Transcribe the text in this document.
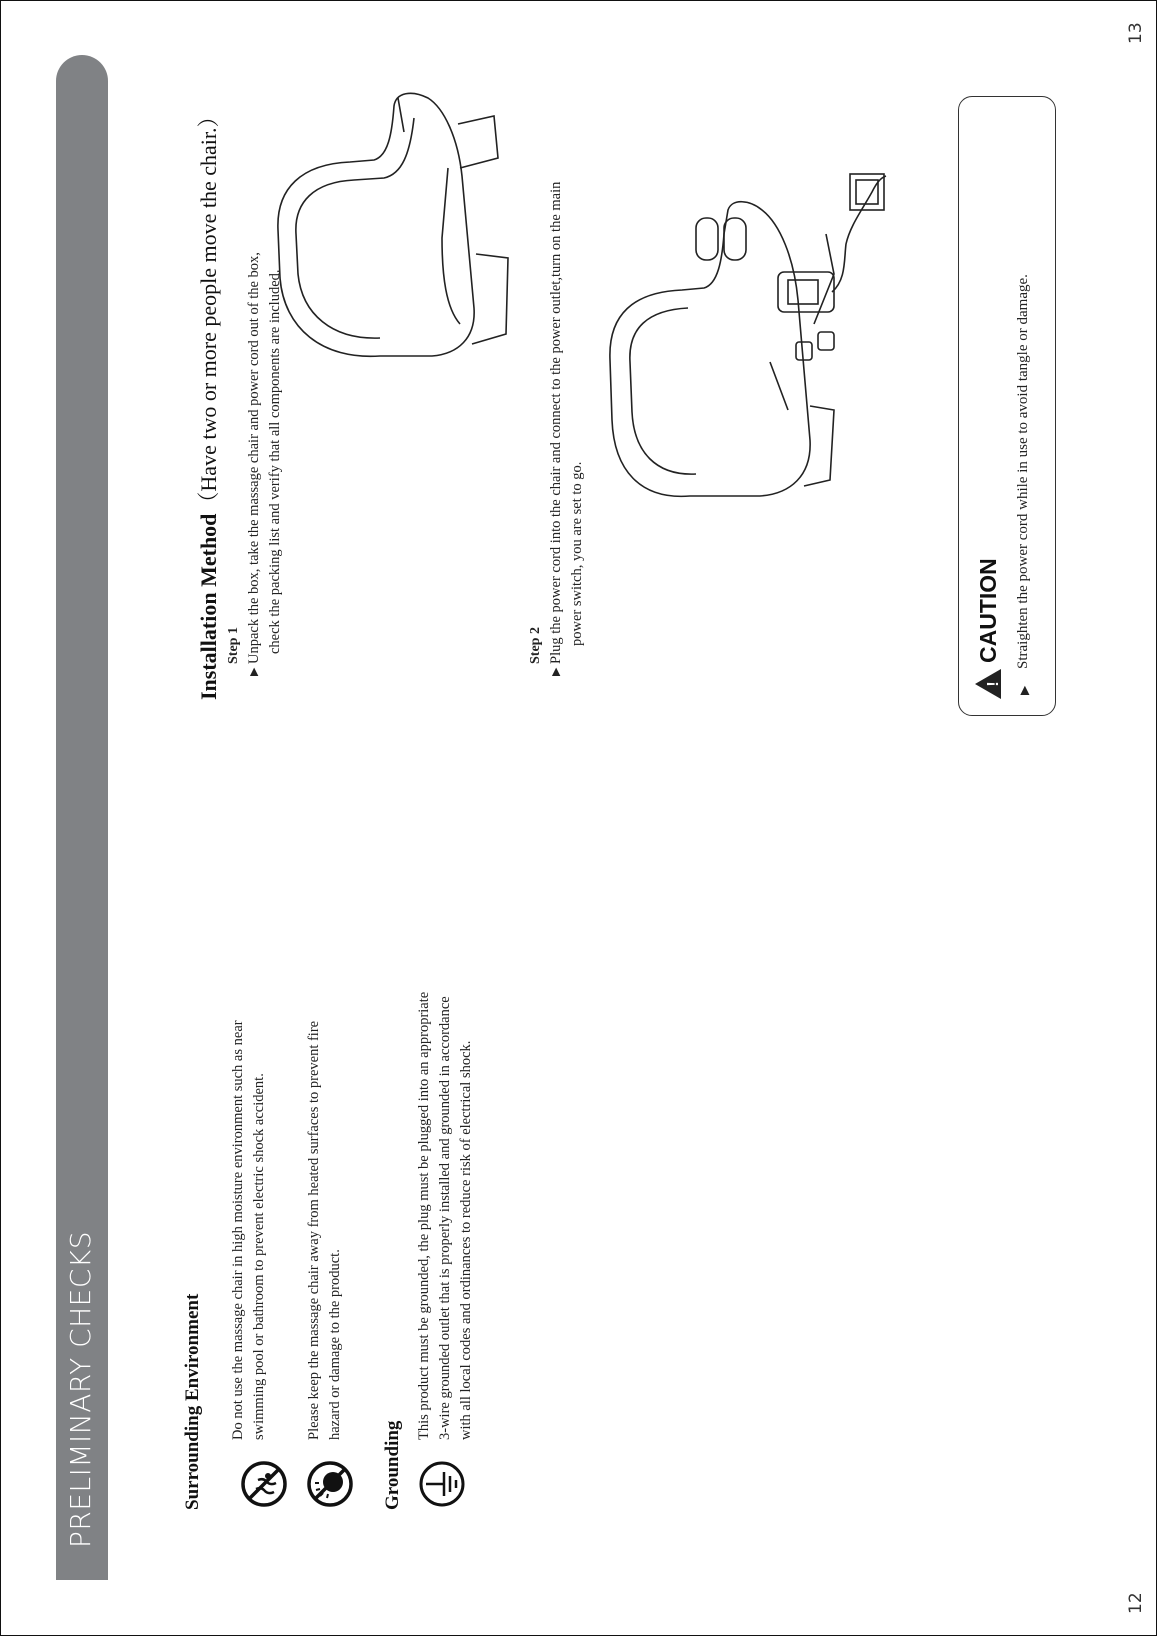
12
13
PRELIMINARY CHECKS	Surrounding Environment Do not use the massage chair in high moisture environment such as near swimming pool or bathroom to prevent electric shock accident.	Please keep the massage chair away from heated surfaces to prevent fire hazard or damage to the product.
Grounding
This product must be grounded, the plug must be plugged into an appropriate 3-wire grounded outlet that is properly installed and grounded in accordance with all local codes and ordinances to reduce risk of electrical shock.
Installation Method（Have two or more people move the chair.）
Step 1
▶
Unpack the box, take the massage chair and power cord out of the box, check the packing list and verify that all components are included.	Step 2
▶
Plug the power cord into the chair and connect to the power outlet,turn on the main power switch, you are set to go.
!
CAUTION
▶
Straighten the power cord while in use to avoid tangle or damage.
